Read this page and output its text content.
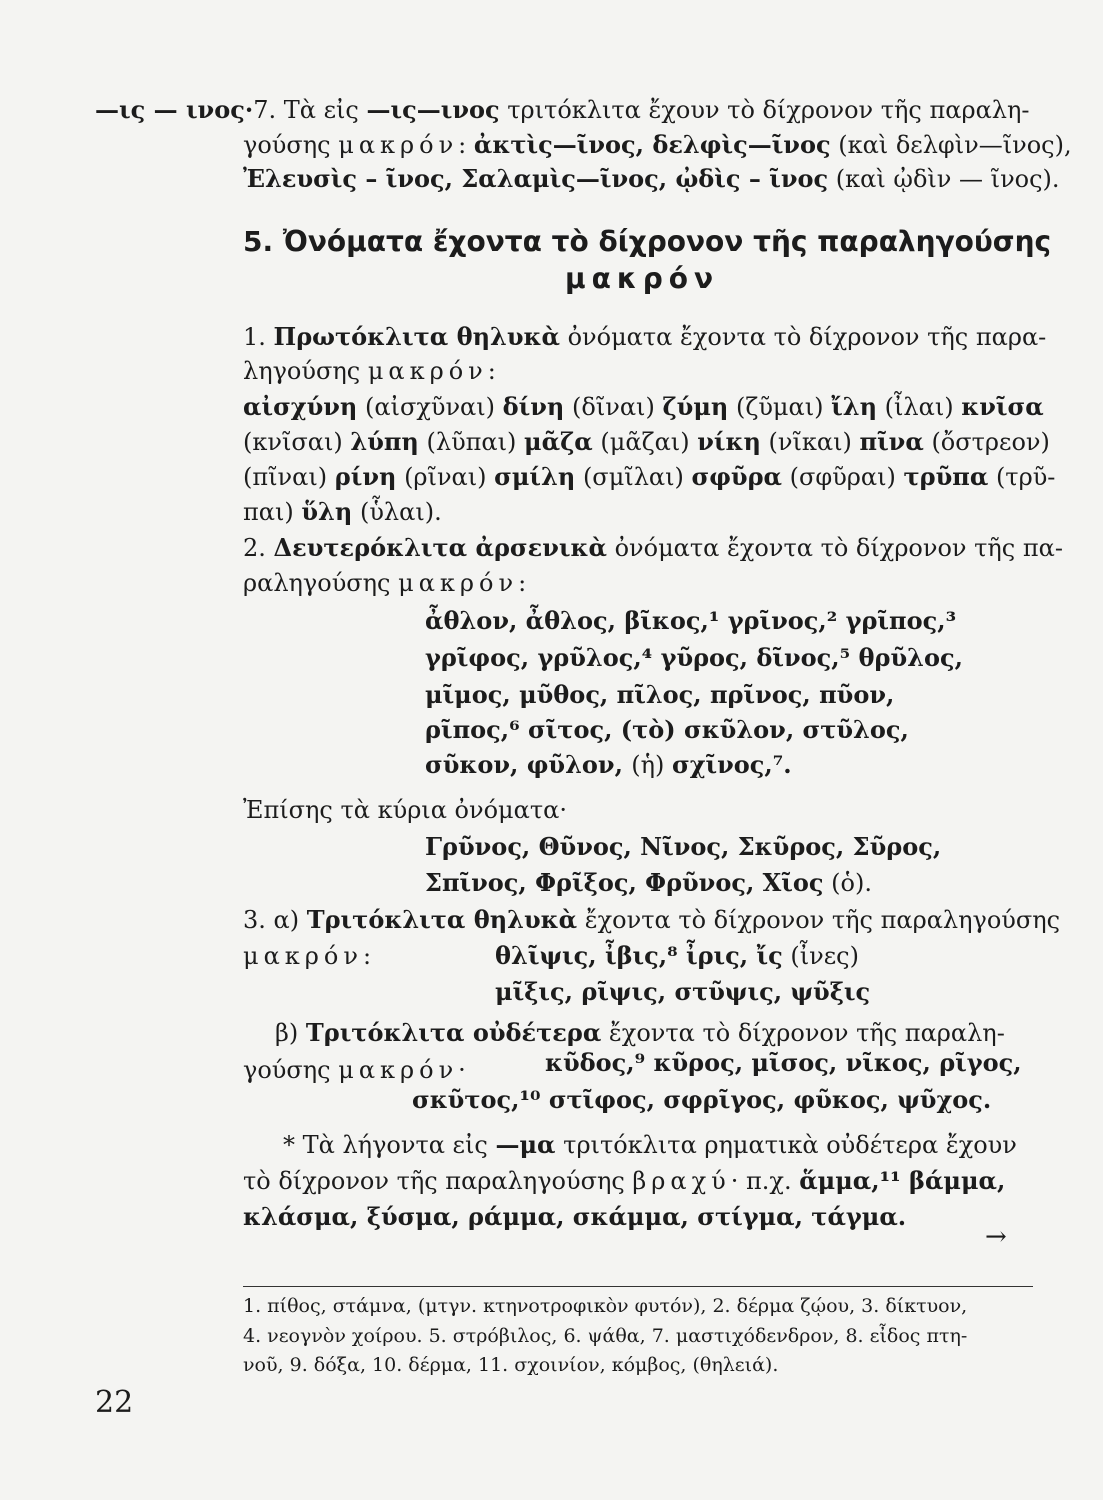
—ις — ινος·7. Τὰ εἰς —ις—ινος τριτόκλιτα ἔχουν τὸ δίχρονον τῆς παραλη-
γούσης μακρόν: ἀκτὶς—ῖνος, δελφὶς—ῖνος (καὶ δελφὶν—ῖνος),
Ἐλευσὶς – ῖνος, Σαλαμὶς—ῖνος, ᾠδὶς – ῖνος (καὶ ᾠδὶν — ῖνος).
5. Ὀνόματα ἔχοντα τὸ δίχρονον τῆς παραληγούσης
μακρόν
1. Πρωτόκλιτα θηλυκὰ ὀνόματα ἔχοντα τὸ δίχρονον τῆς παρα-
ληγούσης μακρόν:
αἰσχύνη (αἰσχῦναι) δίνη (δῖναι) ζύμη (ζῦμαι) ἴλη (ἶλαι) κνῖσα
(κνῖσαι) λύπη (λῦπαι) μᾶζα (μᾶζαι) νίκη (νῖκαι) πῖνα (ὄστρεον)
(πῖναι) ρίνη (ρῖναι) σμίλη (σμῖλαι) σφῦρα (σφῦραι) τρῦπα (τρῦ-
παι) ὕλη (ὗλαι).
2. Δευτερόκλιτα ἀρσενικὰ ὀνόματα ἔχοντα τὸ δίχρονον τῆς πα-
ραληγούσης μακρόν:
ἆθλον, ἆθλος, βῖκος,¹ γρῖνος,² γρῖπος,³
γρῖφος, γρῦλος,⁴ γῦρος, δῖνος,⁵ θρῦλος,
μῖμος, μῦθος, πῖλος, πρῖνος, πῦον,
ρῖπος,⁶ σῖτος, (τὸ) σκῦλον, στῦλος,
σῦκον, φῦλον, (ἡ) σχῖνος,⁷.
Ἐπίσης τὰ κύρια ὀνόματα·
Γρῦνος, Θῦνος, Νῖνος, Σκῦρος, Σῦρος,
Σπῖνος, Φρῖξος, Φρῦνος, Χῖος (ὁ).
3. α) Τριτόκλιτα θηλυκὰ ἔχοντα τὸ δίχρονον τῆς παραληγούσης
μακρόν:	θλῖψις, ἶβις,⁸ ἶρις, ἴς (ἶνες)
μῖξις, ρῖψις, στῦψις, ψῦξις
β) Τριτόκλιτα οὐδέτερα ἔχοντα τὸ δίχρονον τῆς παραλη-
γούσης μακρόν·	κῦδος,⁹ κῦρος, μῖσος, νῖκος, ρῖγος,
σκῦτος,¹⁰ στῖφος, σφρῖγος, φῦκος, ψῦχος.
* Τὰ λήγοντα εἰς —μα τριτόκλιτα ρηματικὰ οὐδέτερα ἔχουν
τὸ δίχρονον τῆς παραληγούσης βραχύ· π.χ. ἅμμα,¹¹ βάμμα,
κλάσμα, ξύσμα, ράμμα, σκάμμα, στίγμα, τάγμα.
→
1. πίθος, στάμνα, (μτγν. κτηνοτροφικὸν φυτόν), 2. δέρμα ζῴου, 3. δίκτυον,
4. νεογνὸν χοίρου. 5. στρόβιλος, 6. ψάθα, 7. μαστιχόδενδρον, 8. εἶδος πτη-
νοῦ, 9. δόξα, 10. δέρμα, 11. σχοινίον, κόμβος, (θηλειά).
22
